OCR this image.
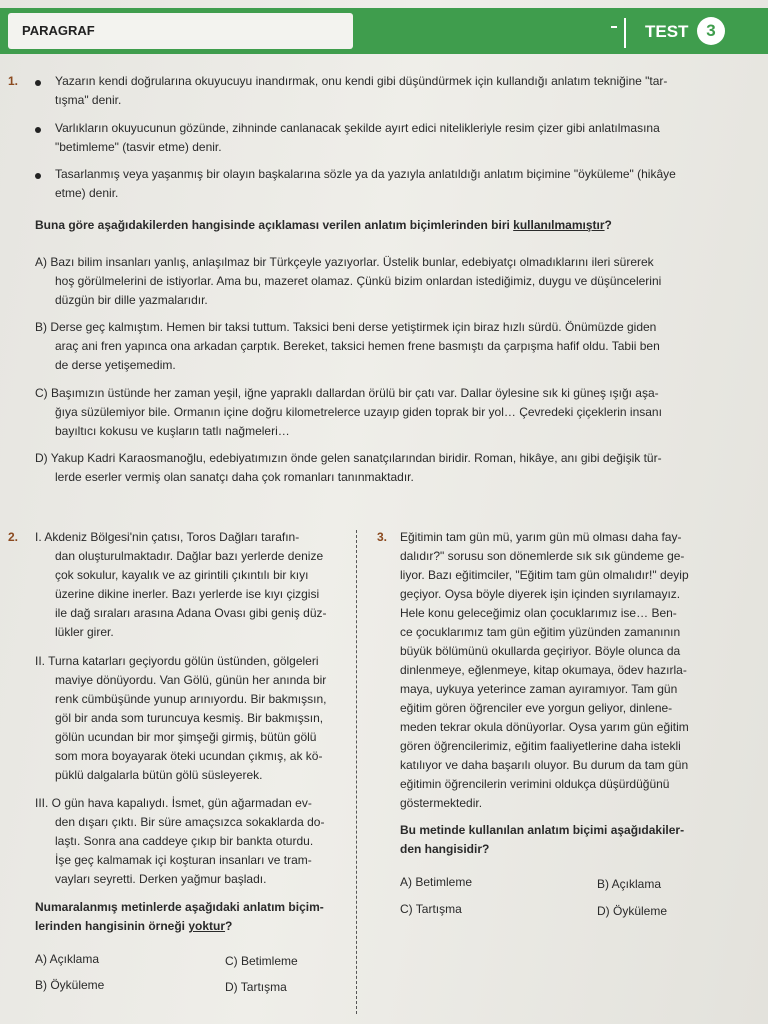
PARAGRAF	TEST	3
1.	Yazarın kendi doğrularına okuyucuyu inandırmak, onu kendi gibi düşündürmek için kullandığı anlatım tekniğine "tar-
tışma" denir.
Varlıkların okuyucunun gözünde, zihninde canlanacak şekilde ayırt edici nitelikleriyle resim çizer gibi anlatılmasına
"betimleme" (tasvir etme) denir.
Tasarlanmış veya yaşanmış bir olayın başkalarına sözle ya da yazıyla anlatıldığı anlatım biçimine "öyküleme" (hikâye
etme) denir.
Buna göre aşağıdakilerden hangisinde açıklaması verilen anlatım biçimlerinden biri kullanılmamıştır?
A) Bazı bilim insanları yanlış, anlaşılmaz bir Türkçeyle yazıyorlar. Üstelik bunlar, edebiyatçı olmadıklarını ileri sürerek
hoş görülmelerini de istiyorlar. Ama bu, mazeret olamaz. Çünkü bizim onlardan istediğimiz, duygu ve düşüncelerini
düzgün bir dille yazmalarıdır.
B) Derse geç kalmıştım. Hemen bir taksi tuttum. Taksici beni derse yetiştirmek için biraz hızlı sürdü. Önümüzde giden
araç ani fren yapınca ona arkadan çarptık. Bereket, taksici hemen frene basmıştı da çarpışma hafif oldu. Tabii ben
de derse yetişemedim.
C) Başımızın üstünde her zaman yeşil, iğne yapraklı dallardan örülü bir çatı var. Dallar öylesine sık ki güneş ışığı aşa-
ğıya süzülemiyor bile. Ormanın içine doğru kilometrelerce uzayıp giden toprak bir yol… Çevredeki çiçeklerin insanı
bayıltıcı kokusu ve kuşların tatlı nağmeleri…
D) Yakup Kadri Karaosmanoğlu, edebiyatımızın önde gelen sanatçılarından biridir. Roman, hikâye, anı gibi değişik tür-
lerde eserler vermiş olan sanatçı daha çok romanları tanınmaktadır.
2. I. Akdeniz Bölgesi'nin çatısı, Toros Dağları tarafın-
dan oluşturulmaktadır. Dağlar bazı yerlerde denize
çok sokulur, kayalık ve az girintili çıkıntılı bir kıyı
üzerine dikine inerler. Bazı yerlerde ise kıyı çizgisi
ile dağ sıraları arasına Adana Ovası gibi geniş düz-
lükler girer.
II. Turna katarları geçiyordu gölün üstünden, gölgeleri
maviye dönüyordu. Van Gölü, günün her anında bir
renk cümbüşünde yunup arınıyordu. Bir bakmışsın,
göl bir anda som turuncuya kesmiş. Bir bakmışsın,
gölün ucundan bir mor şimşeği girmiş, bütün gölü
som mora boyayarak öteki ucundan çıkmış, ak kö-
püklü dalgalarla bütün gölü süsleyerek.
III. O gün hava kapalıydı. İsmet, gün ağarmadan ev-
den dışarı çıktı. Bir süre amaçsızca sokaklarda do-
laştı. Sonra ana caddeye çıkıp bir bankta oturdu.
İşe geç kalmamak içi koşturan insanları ve tram-
vayları seyretti. Derken yağmur başladı.
Numaralanmış metinlerde aşağıdaki anlatım biçim-
lerinden hangisinin örneği yoktur?
A) Açıklama	C) Betimleme
B) Öyküleme	D) Tartışma
3. Eğitimin tam gün mü, yarım gün mü olması daha fay-
dalıdır?" sorusu son dönemlerde sık sık gündeme ge-
liyor. Bazı eğitimciler, "Eğitim tam gün olmalıdır!" deyip
geçiyor. Oysa böyle diyerek işin içinden sıyrılamayız.
Hele konu geleceğimiz olan çocuklarımız ise… Ben-
ce çocuklarımız tam gün eğitim yüzünden zamanının
büyük bölümünü okullarda geçiriyor. Böyle olunca da
dinlenmeye, eğlenmeye, kitap okumaya, ödev hazırla-
maya, uykuya yeterince zaman ayıramıyor. Tam gün
eğitim gören öğrenciler eve yorgun geliyor, dinlene-
meden tekrar okula dönüyorlar. Oysa yarım gün eğitim
gören öğrencilerimiz, eğitim faaliyetlerine daha istekli
katılıyor ve daha başarılı oluyor. Bu durum da tam gün
eğitimin öğrencilerin verimini oldukça düşürdüğünü
göstermektedir.
Bu metinde kullanılan anlatım biçimi aşağıdakiler-
den hangisidir?
A) Betimleme	B) Açıklama
C) Tartışma	D) Öyküleme
